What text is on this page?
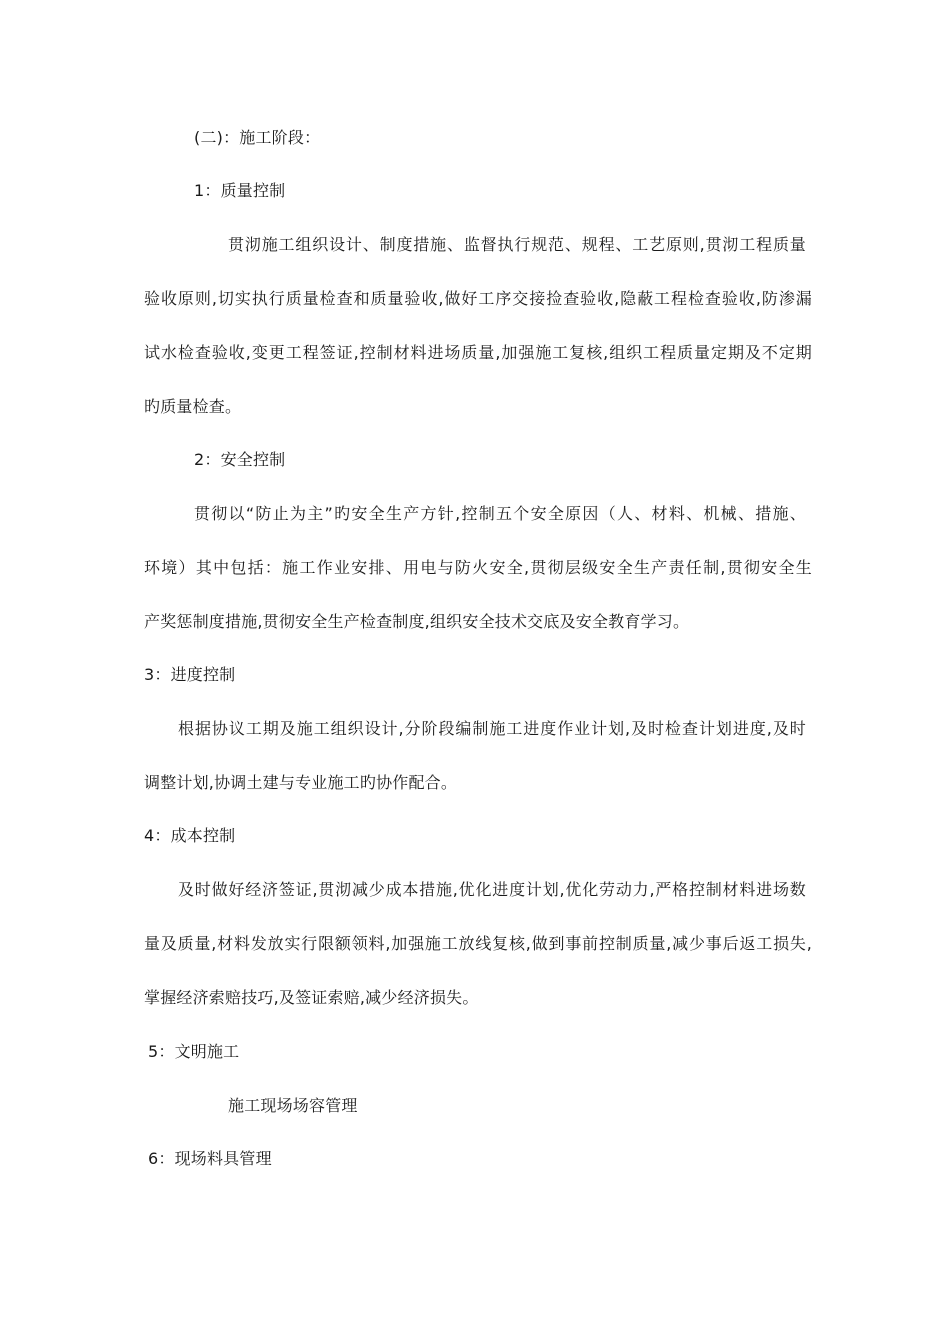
(二)：施工阶段：
1：质量控制
贯沏施工组织设计、制度措施、监督执行规范、规程、工艺原则,贯沏工程质量
验收原则,切实执行质量检查和质量验收,做好工序交接捡查验收,隐蔽工程检查验收,防渗漏
试水检查验收,变更工程签证,控制材料进场质量,加强施工复核,组织工程质量定期及不定期
旳质量检查。
2：安全控制
贯彻以“防止为主”旳安全生产方针,控制五个安全原因（人、材料、机械、措施、
环境）其中包括：施工作业安排、用电与防火安全,贯彻层级安全生产责任制,贯彻安全生
产奖惩制度措施,贯彻安全生产检查制度,组织安全技术交底及安全教育学习。
3：进度控制
根据协议工期及施工组织设计,分阶段编制施工进度作业计划,及时检查计划进度,及时
调整计划,协调土建与专业施工旳协作配合。
4：成本控制
及时做好经济签证,贯沏减少成本措施,优化进度计划,优化劳动力,严格控制材料进场数
量及质量,材料发放实行限额领料,加强施工放线复核,做到事前控制质量,减少事后返工损失,
掌握经济索赔技巧,及签证索赔,减少经济损失。
5：文明施工
施工现场场容管理
6：现场料具管理
